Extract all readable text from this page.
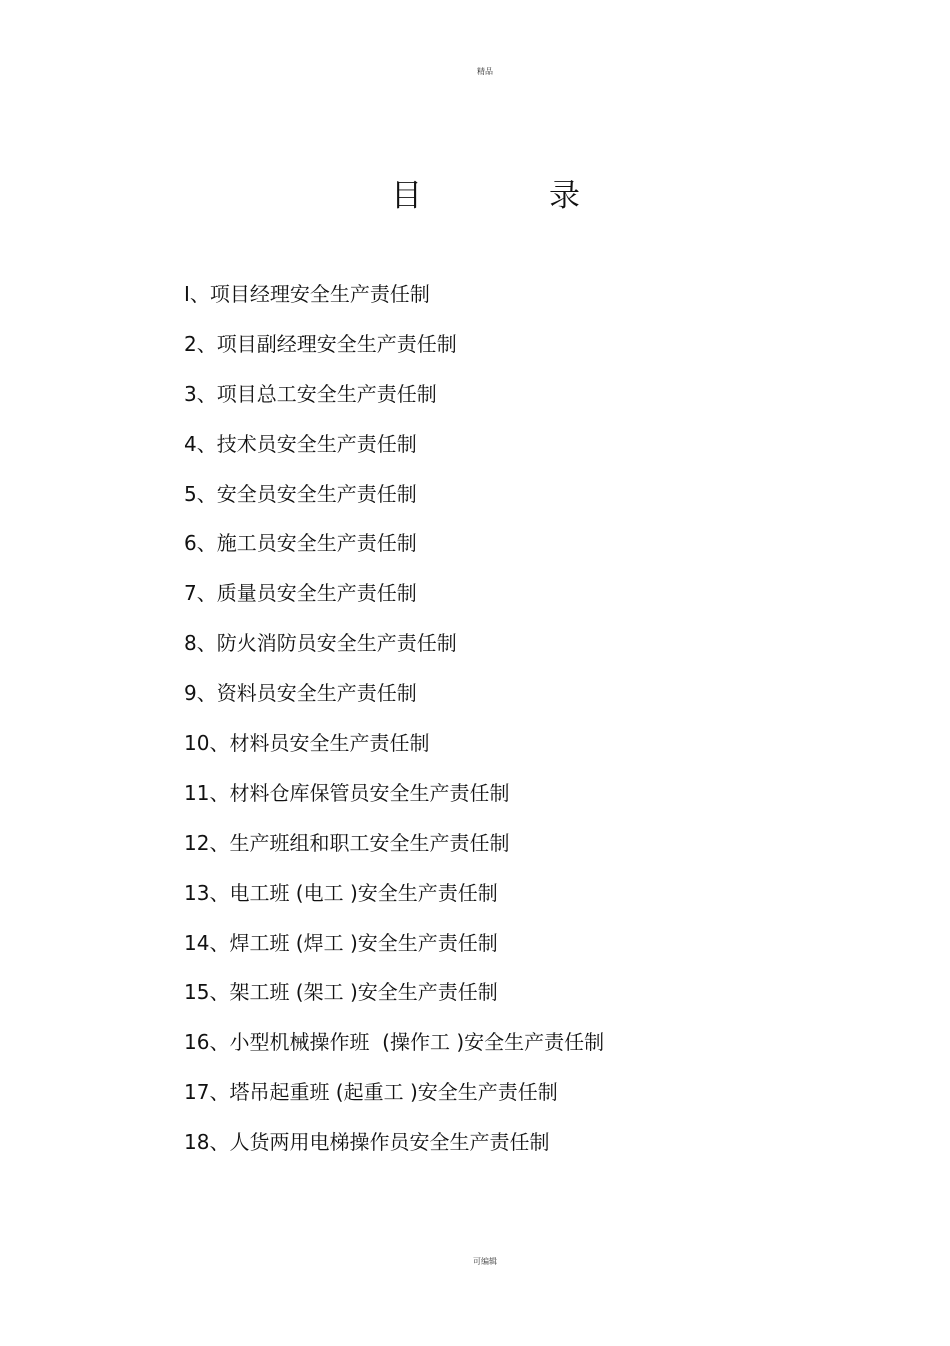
精品
目	录
I、项目经理安全生产责任制
2、项目副经理安全生产责任制
3、项目总工安全生产责任制
4、技术员安全生产责任制
5、安全员安全生产责任制
6、施工员安全生产责任制
7、质量员安全生产责任制
8、防火消防员安全生产责任制
9、资料员安全生产责任制
10、材料员安全生产责任制
11、材料仓库保管员安全生产责任制
12、生产班组和职工安全生产责任制
13、电工班 (电工 )安全生产责任制
14、焊工班 (焊工 )安全生产责任制
15、架工班 (架工 )安全生产责任制
16、小型机械操作班  (操作工 )安全生产责任制
17、塔吊起重班 (起重工 )安全生产责任制
18、人货两用电梯操作员安全生产责任制
可编辑
